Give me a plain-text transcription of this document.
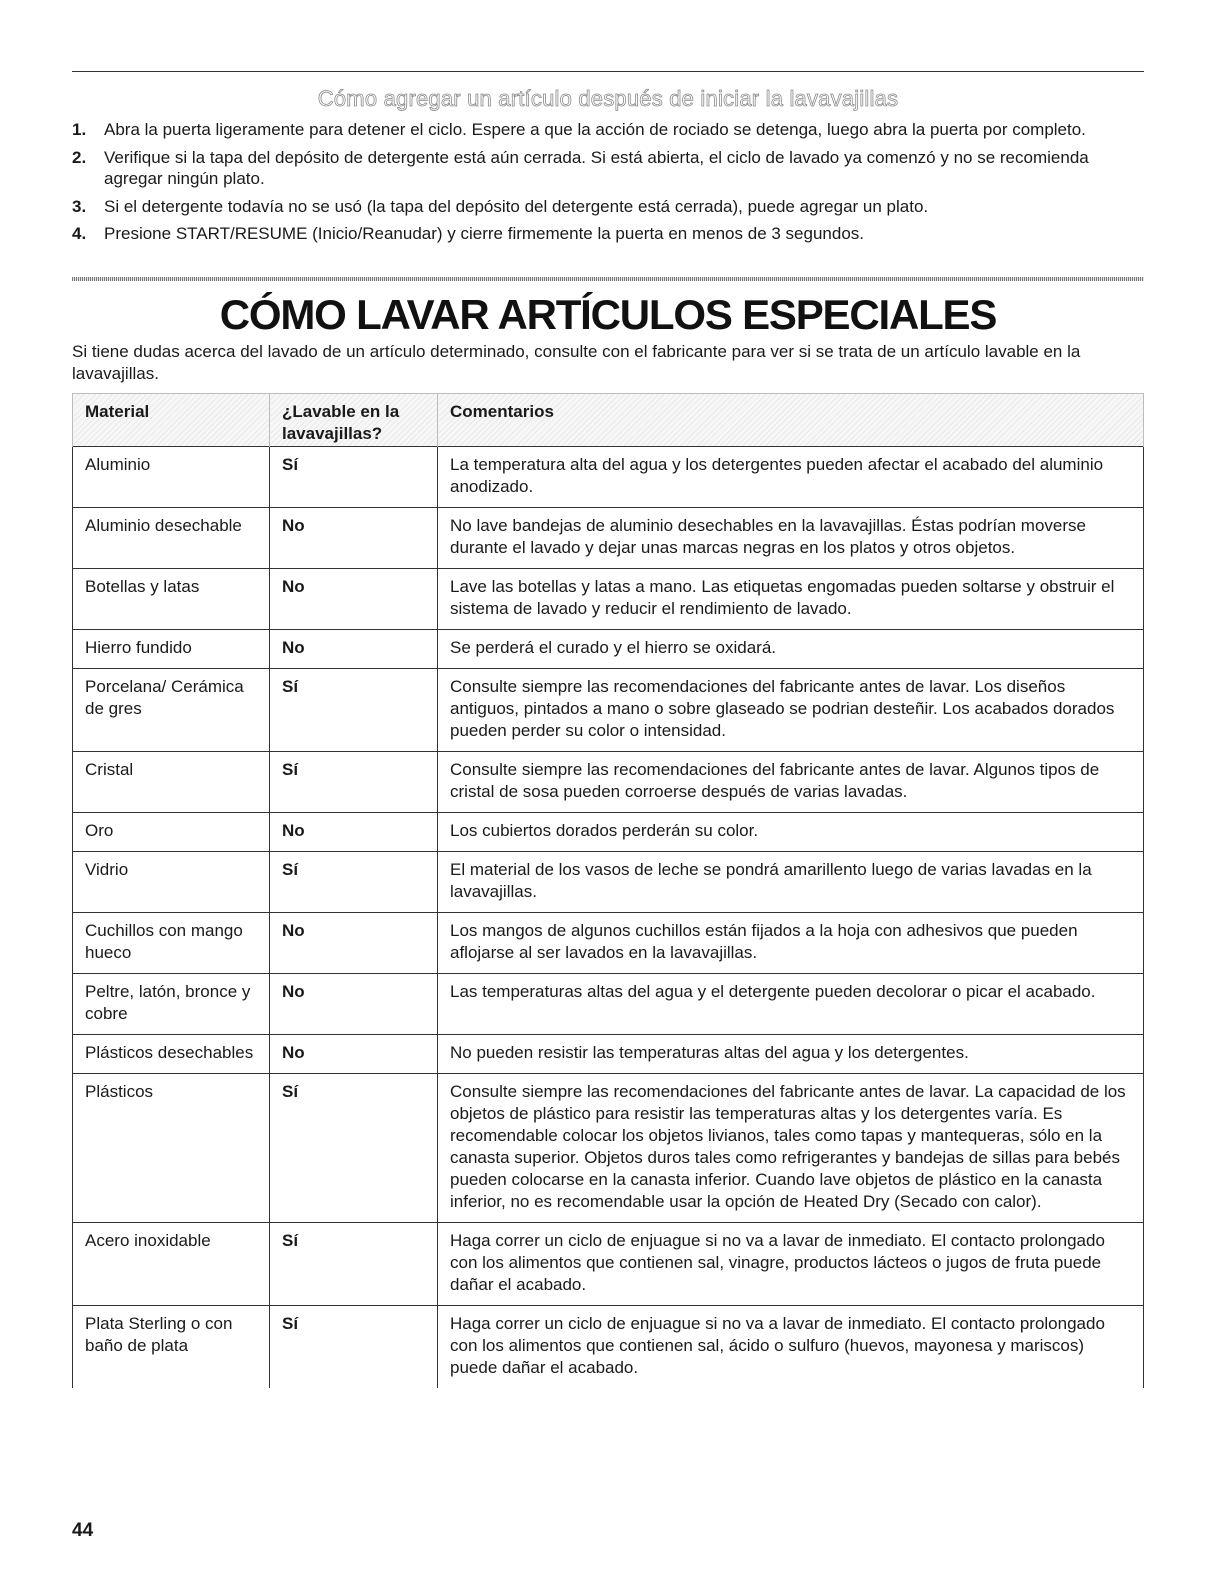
Cómo agregar un artículo después de iniciar la lavavajillas
1. Abra la puerta ligeramente para detener el ciclo. Espere a que la acción de rociado se detenga, luego abra la puerta por completo.
2. Verifique si la tapa del depósito de detergente está aún cerrada. Si está abierta, el ciclo de lavado ya comenzó y no se recomienda agregar ningún plato.
3. Si el detergente todavía no se usó (la tapa del depósito del detergente está cerrada), puede agregar un plato.
4. Presione START/RESUME (Inicio/Reanudar) y cierre firmemente la puerta en menos de 3 segundos.
CÓMO LAVAR ARTÍCULOS ESPECIALES

Si tiene dudas acerca del lavado de un artículo determinado, consulte con el fabricante para ver si se trata de un artículo lavable en la lavavajillas.

Material	¿Lavable en la lavavajillas?	Comentarios
Aluminio	Sí	La temperatura alta del agua y los detergentes pueden afectar el acabado del aluminio anodizado.
Aluminio desechable	No	No lave bandejas de aluminio desechables en la lavavajillas. Éstas podrían moverse durante el lavado y dejar unas marcas negras en los platos y otros objetos.
Botellas y latas	No	Lave las botellas y latas a mano. Las etiquetas engomadas pueden soltarse y obstruir el sistema de lavado y reducir el rendimiento de lavado.
Hierro fundido	No	Se perderá el curado y el hierro se oxidará.
Porcelana/ Cerámica de gres	Sí	Consulte siempre las recomendaciones del fabricante antes de lavar. Los diseños antiguos, pintados a mano o sobre glaseado se podrian desteñir. Los acabados dorados pueden perder su color o intensidad.
Cristal	Sí	Consulte siempre las recomendaciones del fabricante antes de lavar. Algunos tipos de cristal de sosa pueden corroerse después de varias lavadas.
Oro	No	Los cubiertos dorados perderán su color.
Vidrio	Sí	El material de los vasos de leche se pondrá amarillento luego de varias lavadas en la lavavajillas.
Cuchillos con mango hueco	No	Los mangos de algunos cuchillos están fijados a la hoja con adhesivos que pueden aflojarse al ser lavados en la lavavajillas.
Peltre, latón, bronce y cobre	No	Las temperaturas altas del agua y el detergente pueden decolorar o picar el acabado.
Plásticos desechables	No	No pueden resistir las temperaturas altas del agua y los detergentes.
Plásticos	Sí	Consulte siempre las recomendaciones del fabricante antes de lavar. La capacidad de los objetos de plástico para resistir las temperaturas altas y los detergentes varía. Es recomendable colocar los objetos livianos, tales como tapas y mantequeras, sólo en la canasta superior. Objetos duros tales como refrigerantes y bandejas de sillas para bebés pueden colocarse en la canasta inferior. Cuando lave objetos de plástico en la canasta inferior, no es recomendable usar la opción de Heated Dry (Secado con calor).
Acero inoxidable	Sí	Haga correr un ciclo de enjuague si no va a lavar de inmediato. El contacto prolongado con los alimentos que contienen sal, vinagre, productos lácteos o jugos de fruta puede dañar el acabado.
Plata Sterling o con baño de plata	Sí	Haga correr un ciclo de enjuague si no va a lavar de inmediato. El contacto prolongado con los alimentos que contienen sal, ácido o sulfuro (huevos, mayonesa y mariscos) puede dañar el acabado.
44
